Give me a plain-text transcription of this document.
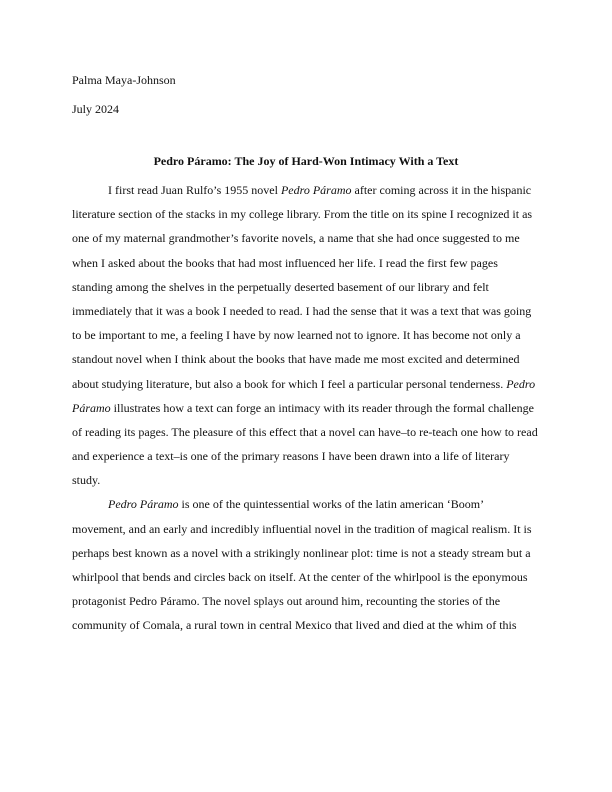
Palma Maya-Johnson
July 2024
Pedro Páramo: The Joy of Hard-Won Intimacy With a Text
I first read Juan Rulfo’s 1955 novel Pedro Páramo after coming across it in the hispanic
literature section of the stacks in my college library. From the title on its spine I recognized it as
one of my maternal grandmother’s favorite novels, a name that she had once suggested to me
when I asked about the books that had most influenced her life. I read the first few pages
standing among the shelves in the perpetually deserted basement of our library and felt
immediately that it was a book I needed to read. I had the sense that it was a text that was going
to be important to me, a feeling I have by now learned not to ignore. It has become not only a
standout novel when I think about the books that have made me most excited and determined
about studying literature, but also a book for which I feel a particular personal tenderness. Pedro
Páramo illustrates how a text can forge an intimacy with its reader through the formal challenge
of reading its pages. The pleasure of this effect that a novel can have–to re-teach one how to read
and experience a text–is one of the primary reasons I have been drawn into a life of literary
study.
Pedro Páramo is one of the quintessential works of the latin american ‘Boom’
movement, and an early and incredibly influential novel in the tradition of magical realism. It is
perhaps best known as a novel with a strikingly nonlinear plot: time is not a steady stream but a
whirlpool that bends and circles back on itself. At the center of the whirlpool is the eponymous
protagonist Pedro Páramo. The novel splays out around him, recounting the stories of the
community of Comala, a rural town in central Mexico that lived and died at the whim of this
